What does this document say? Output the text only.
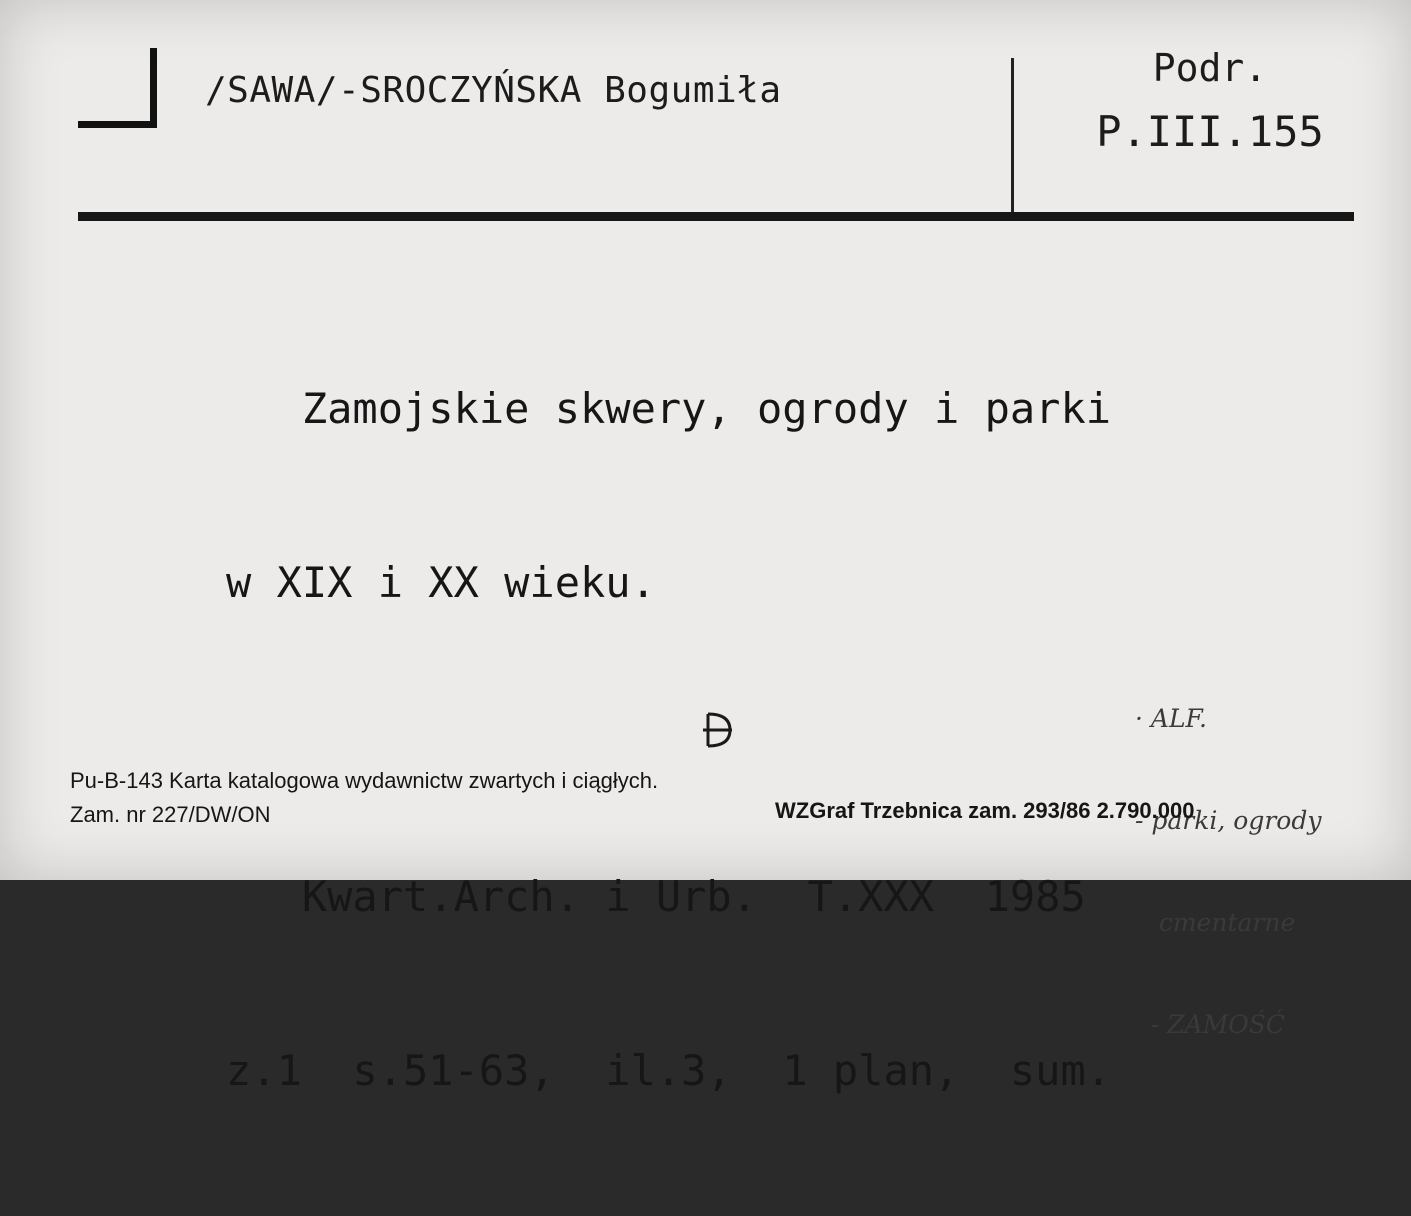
/SAWA/-SROCZYŃSKA Bogumiła
Podr.
P.III.155

Zamojskie skwery, ogrody i parki

w XIX i XX wieku.

Kwart.Arch. i Urb.  T.XXX  1985

z.1  s.51-63,  il.3,  1 plan,  sum.

· ALF.

- parki, ogrody

cmentarne

- ZAMOŚĆ

Pu-B-143 Karta katalogowa wydawnictw zwartych i ciągłych.
Zam. nr 227/DW/ON	WZGraf Trzebnica zam. 293/86 2.790.000
